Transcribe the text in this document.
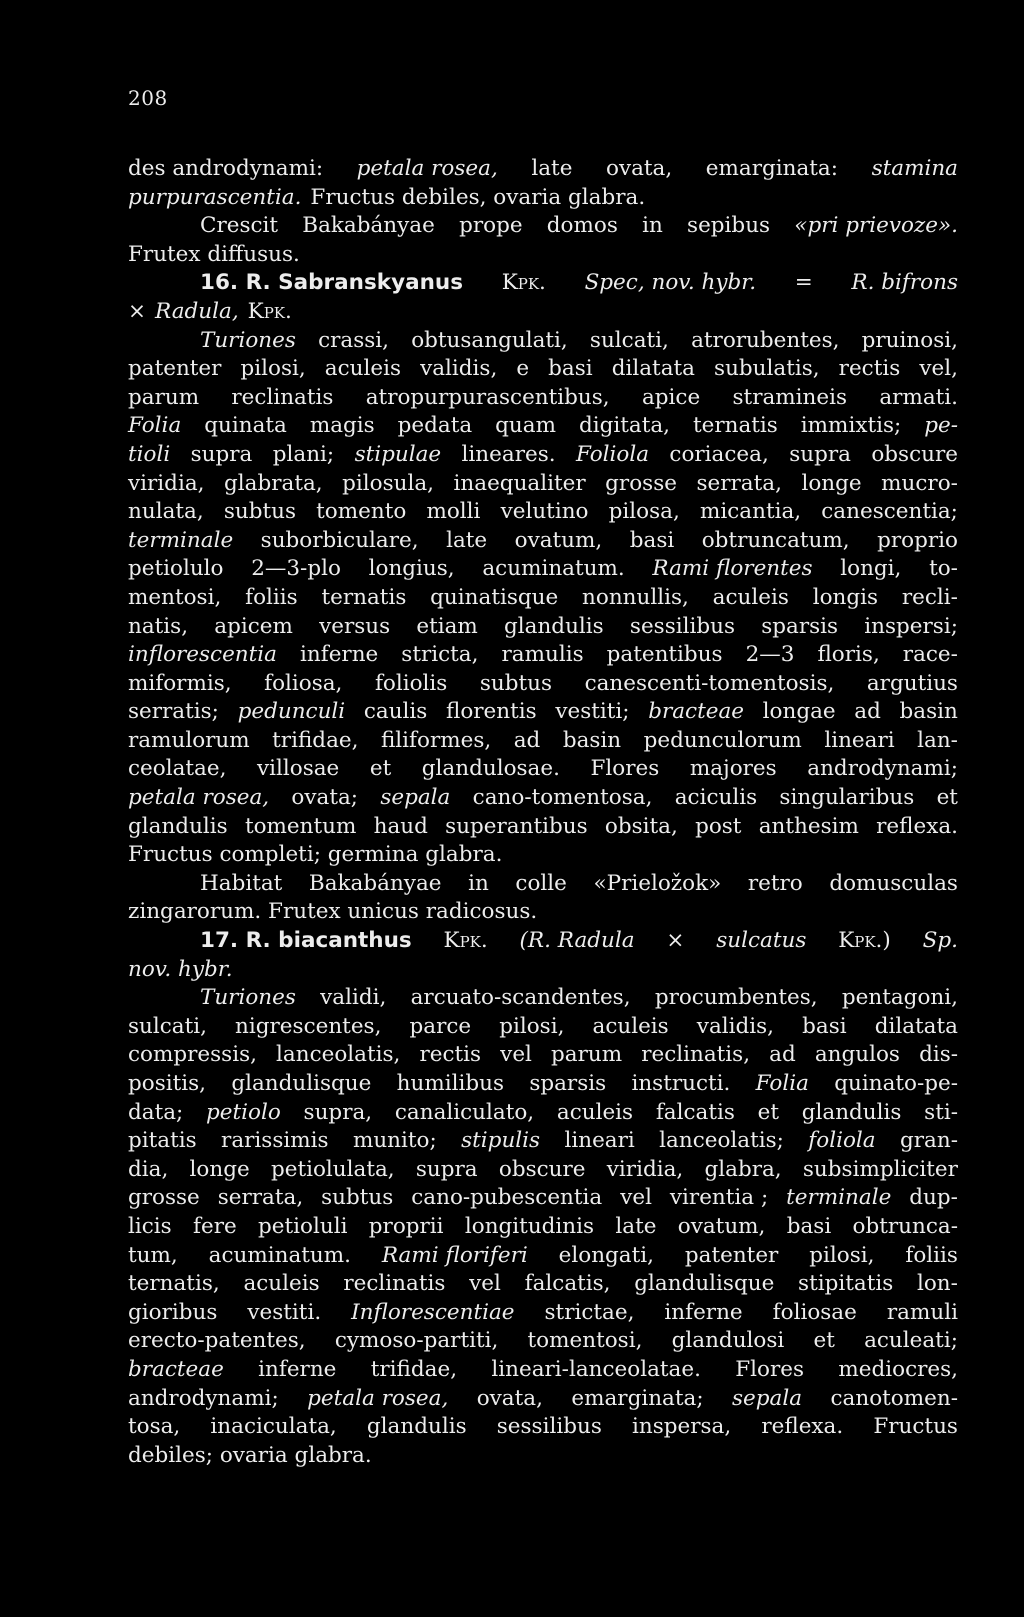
208
des androdynami: petala rosea, late ovata, emarginata: stamina
purpurascentia. Fructus debiles, ovaria glabra.
Crescit Bakabányae prope domos in sepibus «pri prievoze».
Frutex diffusus.
16. R. Sabranskyanus Kpk. Spec, nov. hybr. = R. bifrons
× Radula, Kpk.
Turiones crassi, obtusangulati, sulcati, atrorubentes, pruinosi,
patenter pilosi, aculeis validis, e basi dilatata subulatis, rectis vel,
parum reclinatis atropurpurascentibus, apice stramineis armati.
Folia quinata magis pedata quam digitata, ternatis immixtis; pe-
tioli supra plani; stipulae lineares. Foliola coriacea, supra obscure
viridia, glabrata, pilosula, inaequaliter grosse serrata, longe mucro-
nulata, subtus tomento molli velutino pilosa, micantia, canescentia;
terminale suborbiculare, late ovatum, basi obtruncatum, proprio
petiolulo 2—3-plo longius, acuminatum. Rami florentes longi, to-
mentosi, foliis ternatis quinatisque nonnullis, aculeis longis recli-
natis, apicem versus etiam glandulis sessilibus sparsis inspersi;
inflorescentia inferne stricta, ramulis patentibus 2—3 floris, race-
miformis, foliosa, foliolis subtus canescenti-tomentosis, argutius
serratis; pedunculi caulis florentis vestiti; bracteae longae ad basin
ramulorum trifidae, filiformes, ad basin pedunculorum lineari lan-
ceolatae, villosae et glandulosae. Flores majores androdynami;
petala rosea, ovata; sepala cano-tomentosa, aciculis singularibus et
glandulis tomentum haud superantibus obsita, post anthesim reflexa.
Fructus completi; germina glabra.
Habitat Bakabányae in colle «Prieložok» retro domusculas
zingarorum. Frutex unicus radicosus.
17. R. biacanthus Kpk. (R. Radula × sulcatus Kpk.) Sp.
nov. hybr.
Turiones validi, arcuato-scandentes, procumbentes, pentagoni,
sulcati, nigrescentes, parce pilosi, aculeis validis, basi dilatata
compressis, lanceolatis, rectis vel parum reclinatis, ad angulos dis-
positis, glandulisque humilibus sparsis instructi. Folia quinato-pe-
data; petiolo supra, canaliculato, aculeis falcatis et glandulis sti-
pitatis rarissimis munito; stipulis lineari lanceolatis; foliola gran-
dia, longe petiolulata, supra obscure viridia, glabra, subsimpliciter
grosse serrata, subtus cano-pubescentia vel virentia ; terminale dup-
licis fere petioluli proprii longitudinis late ovatum, basi obtrunca-
tum, acuminatum. Rami floriferi elongati, patenter pilosi, foliis
ternatis, aculeis reclinatis vel falcatis, glandulisque stipitatis lon-
gioribus vestiti. Inflorescentiae strictae, inferne foliosae ramuli
erecto-patentes, cymoso-partiti, tomentosi, glandulosi et aculeati;
bracteae inferne trifidae, lineari-lanceolatae. Flores mediocres,
androdynami; petala rosea, ovata, emarginata; sepala canotomen-
tosa, inaciculata, glandulis sessilibus inspersa, reflexa. Fructus
debiles; ovaria glabra.
